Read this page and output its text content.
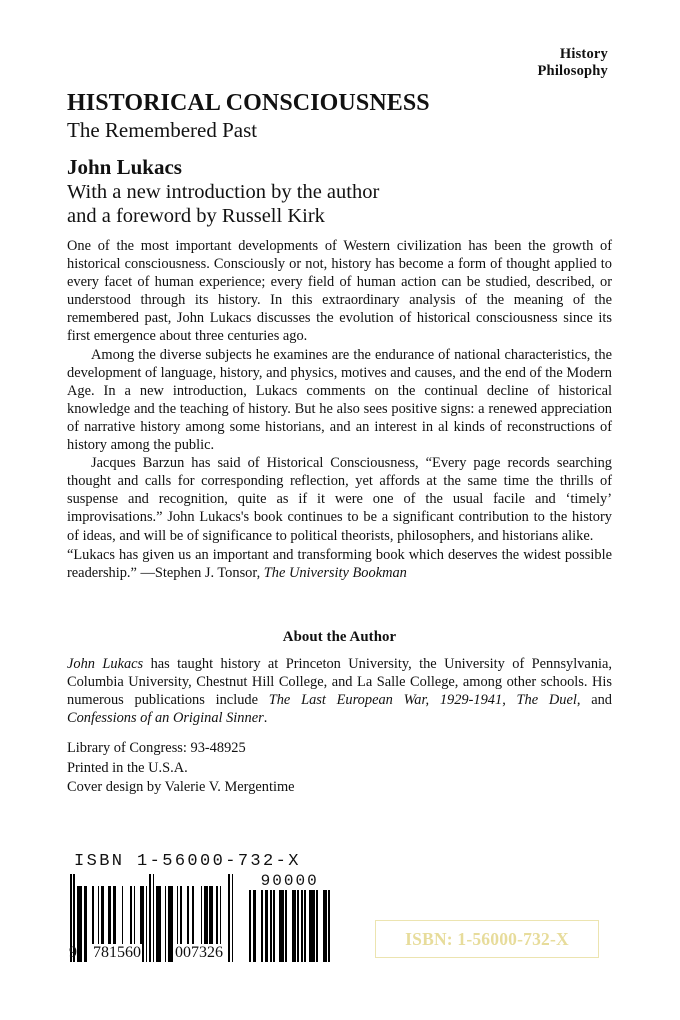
History
Philosophy
HISTORICAL CONSCIOUSNESS
The Remembered Past
John Lukacs
With a new introduction by the author
and a foreword by Russell Kirk

One of the most important developments of Western civilization has been the growth of historical consciousness. Consciously or not, history has become a form of thought applied to every facet of human experience; every field of human action can be studied, described, or understood through its history. In this extraordinary analysis of the meaning of the remembered past, John Lukacs discusses the evolution of historical consciousness since its first emergence about three centuries ago.

Among the diverse subjects he examines are the endurance of national characteristics, the development of language, history, and physics, motives and causes, and the end of the Modern Age. In a new introduction, Lukacs comments on the continual decline of historical knowledge and the teaching of history. But he also sees positive signs: a renewed appreciation of narrative history among some historians, and an interest in al kinds of reconstructions of history among the public.

Jacques Barzun has said of Historical Consciousness, “Every page records searching thought and calls for corresponding reflection, yet affords at the same time the thrills of suspense and recognition, quite as if it were one of the usual facile and ‘timely’ improvisations.” John Lukacs's book continues to be a significant contribution to the history of ideas, and will be of significance to political theorists, philosophers, and historians alike.

“Lukacs has given us an important and transforming book which deserves the widest possible readership.” —Stephen J. Tonsor, The University Bookman

About the Author

John Lukacs has taught history at Princeton University, the University of Pennsylvania, Columbia University, Chestnut Hill College, and La Salle College, among other schools. His numerous publications include The Last European War, 1929-1941, The Duel, and Confessions of an Original Sinner.

Library of Congress: 93-48925
Printed in the U.S.A.
Cover design by Valerie V. Mergentime
ISBN 1-56000-732-X
9 781560 007326
90000
ISBN: 1-56000-732-X
